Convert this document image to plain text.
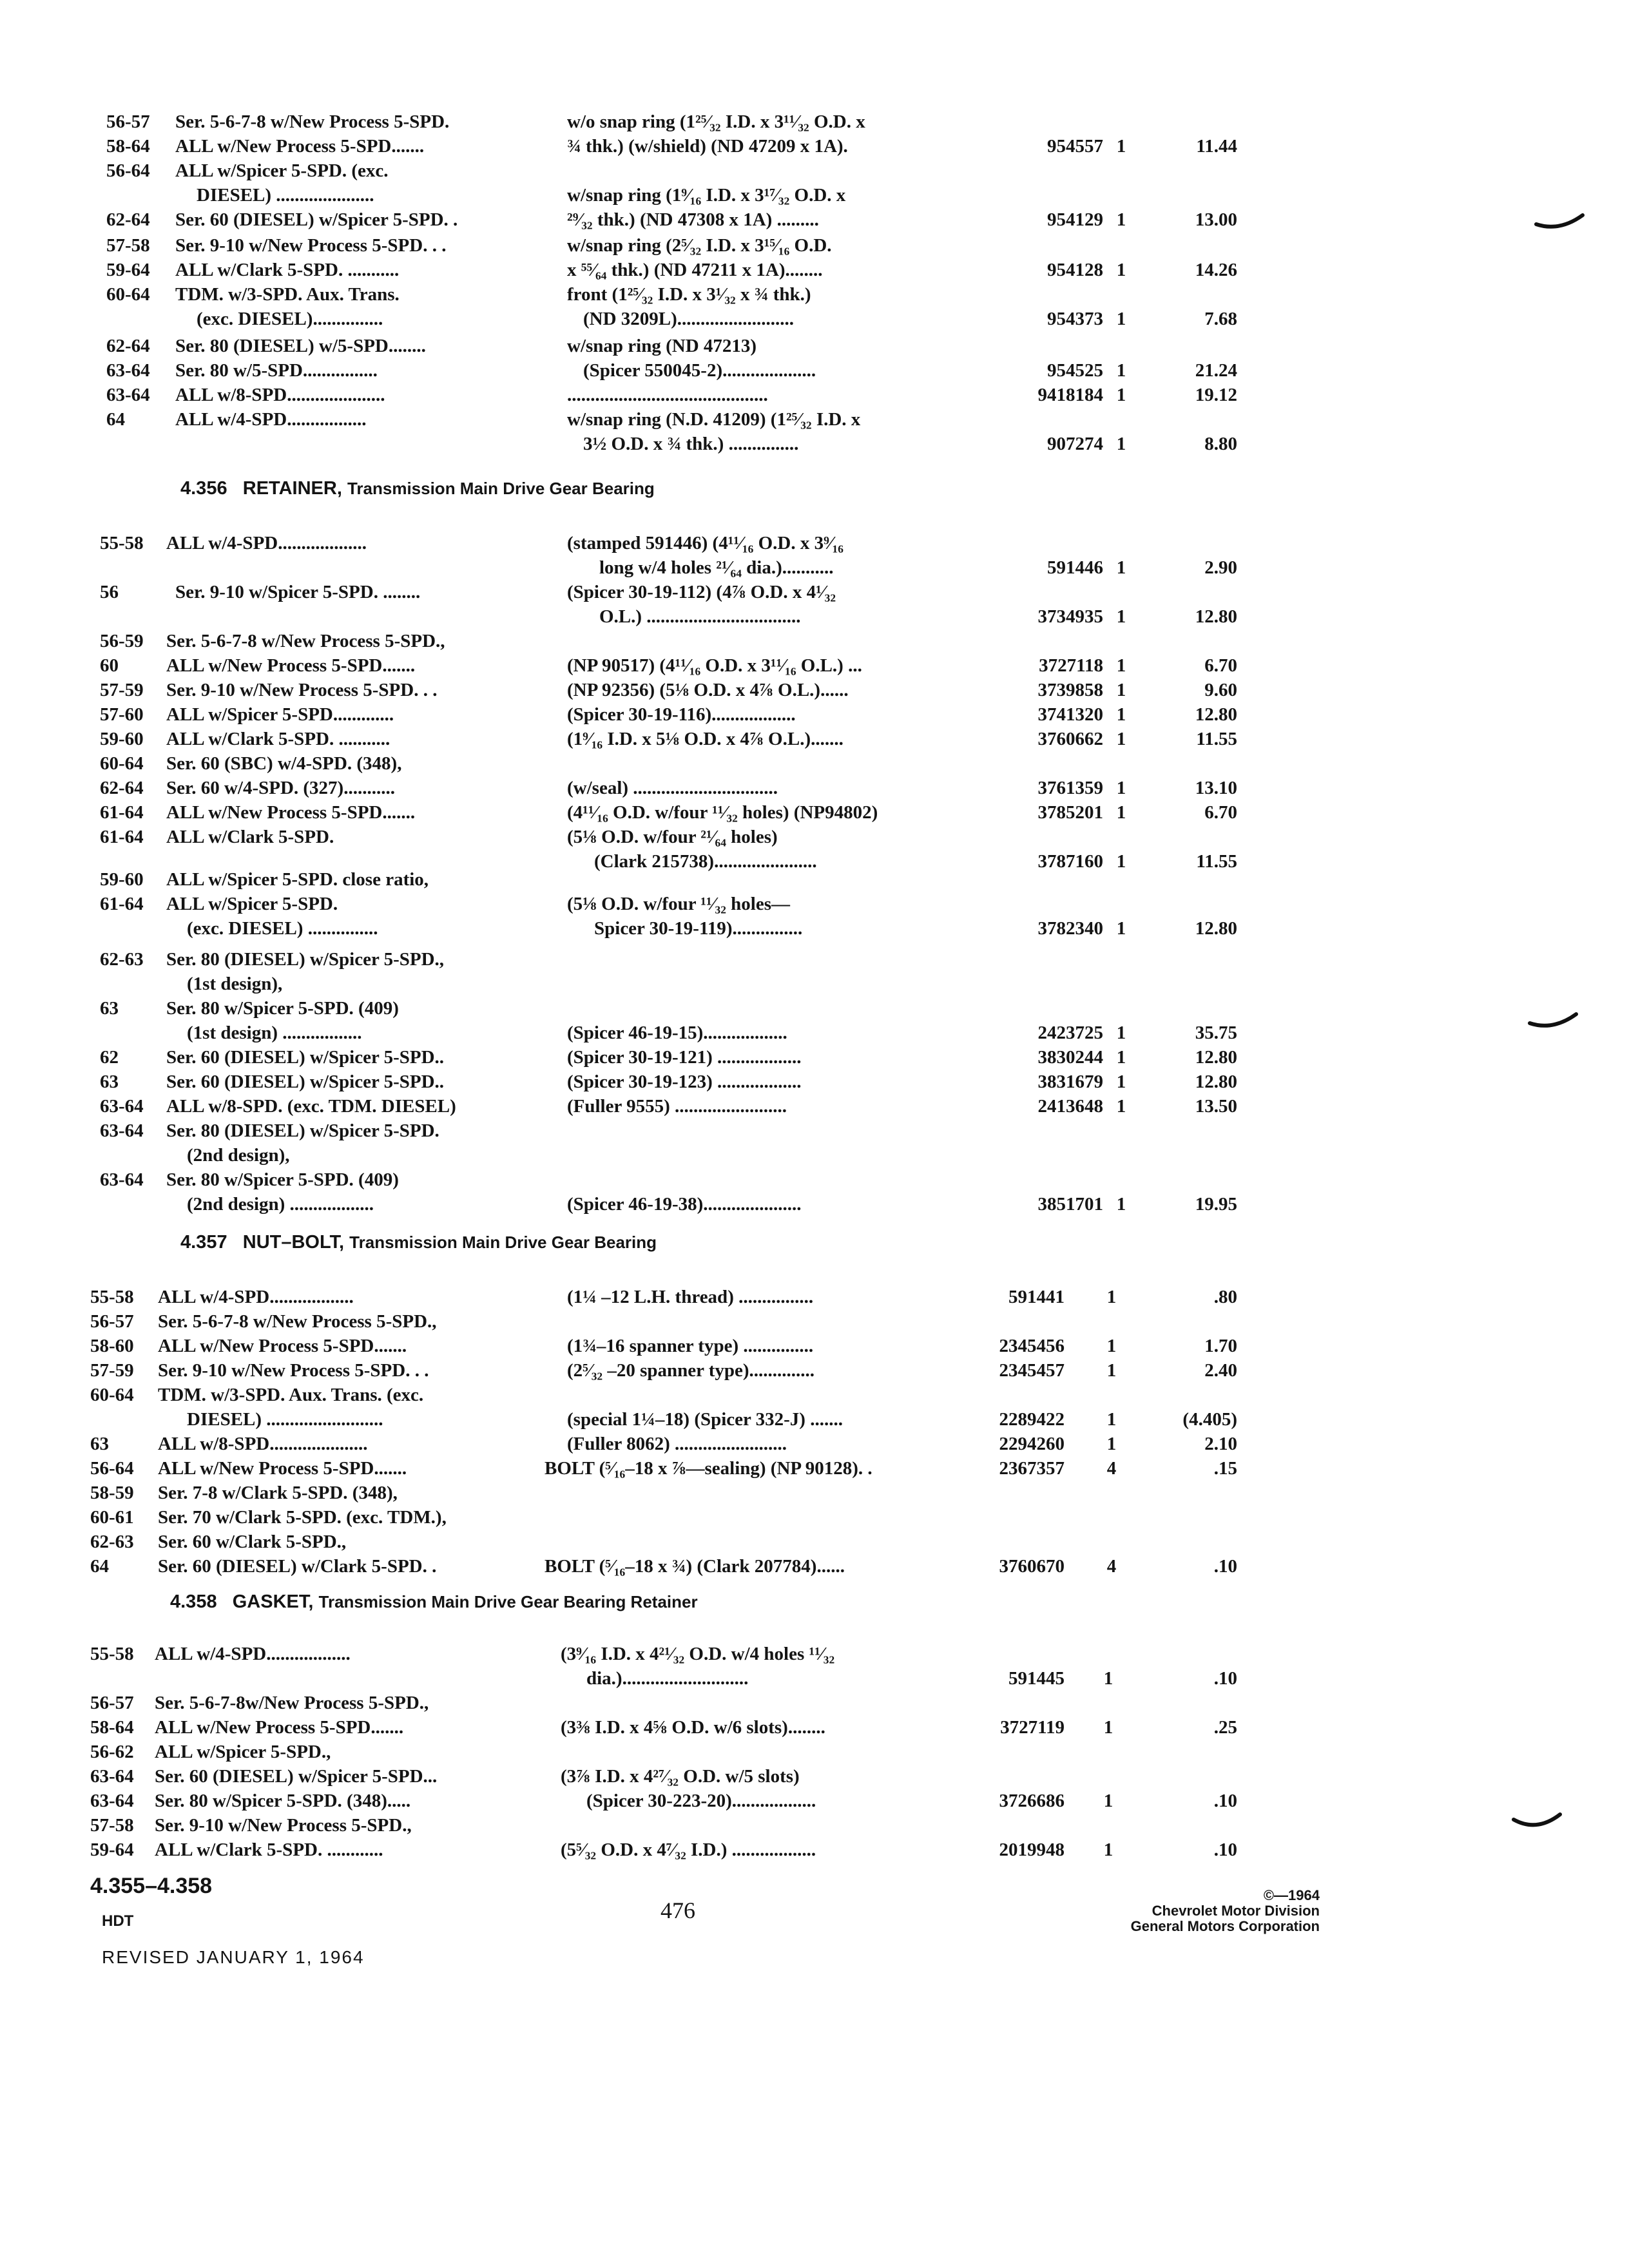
56-57 Ser. 5-6-7-8 w/New Process 5-SPD.	w/o snap ring (1²⁵⁄₃₂ I.D. x 3¹¹⁄₃₂ O.D. x
58-64 ALL w/New Process 5-SPD.......	¾ thk.) (w/shield) (ND 47209 x 1A).	954557 1	11.44
56-64 ALL w/Spicer 5-SPD. (exc.
DIESEL) .....................	w/snap ring (1⁹⁄₁₆ I.D. x 3¹⁷⁄₃₂ O.D. x
62-64 Ser. 60 (DIESEL) w/Spicer 5-SPD. .	²⁹⁄₃₂ thk.) (ND 47308 x 1A) .........	954129 1	13.00
57-58 Ser. 9-10 w/New Process 5-SPD. . .	w/snap ring (2⁵⁄₃₂ I.D. x 3¹⁵⁄₁₆ O.D.
59-64 ALL w/Clark 5-SPD. ...........	x ⁵⁵⁄₆₄ thk.) (ND 47211 x 1A)........	954128 1	14.26
60-64 TDM. w/3-SPD. Aux. Trans.	front (1²⁵⁄₃₂ I.D. x 3¹⁄₃₂ x ¾ thk.)
(exc. DIESEL)...............	(ND 3209L).........................	954373 1	7.68
62-64 Ser. 80 (DIESEL) w/5-SPD........	w/snap ring (ND 47213)
63-64 Ser. 80 w/5-SPD................	(Spicer 550045-2)....................	954525 1	21.24
63-64 ALL w/8-SPD.....................	...........................................	9418184 1	19.12
64	ALL w/4-SPD.................	w/snap ring (N.D. 41209) (1²⁵⁄₃₂ I.D. x
3½ O.D. x ¾ thk.) ...............	907274 1	8.80
4.356 RETAINER, Transmission Main Drive Gear Bearing
55-58 ALL w/4-SPD...................	(stamped 591446) (4¹¹⁄₁₆ O.D. x 3⁹⁄₁₆
long w/4 holes ²¹⁄₆₄ dia.)...........	591446 1	2.90
56	Ser. 9-10 w/Spicer 5-SPD. ........	(Spicer 30-19-112) (4⅞ O.D. x 4¹⁄₃₂
O.L.) .................................	3734935 1	12.80
56-59 Ser. 5-6-7-8 w/New Process 5-SPD.,
60	ALL w/New Process 5-SPD.......	(NP 90517) (4¹¹⁄₁₆ O.D. x 3¹¹⁄₁₆ O.L.) ...	3727118 1	6.70
57-59 Ser. 9-10 w/New Process 5-SPD. . .	(NP 92356) (5⅛ O.D. x 4⅞ O.L.)......	3739858 1	9.60
57-60 ALL w/Spicer 5-SPD.............	(Spicer 30-19-116)..................	3741320 1	12.80
59-60 ALL w/Clark 5-SPD. ...........	(1⁹⁄₁₆ I.D. x 5⅛ O.D. x 4⅞ O.L.).......	3760662 1	11.55
60-64 Ser. 60 (SBC) w/4-SPD. (348),
62-64 Ser. 60 w/4-SPD. (327)...........	(w/seal) ...............................	3761359 1	13.10
61-64 ALL w/New Process 5-SPD.......	(4¹¹⁄₁₆ O.D. w/four ¹¹⁄₃₂ holes) (NP94802)	3785201 1	6.70
61-64 ALL w/Clark 5-SPD.	(5⅛ O.D. w/four ²¹⁄₆₄ holes)
(Clark 215738)......................	3787160 1	11.55
59-60 ALL w/Spicer 5-SPD. close ratio,
61-64 ALL w/Spicer 5-SPD.	(5⅛ O.D. w/four ¹¹⁄₃₂ holes—
(exc. DIESEL) ...............	Spicer 30-19-119)...............	3782340 1	12.80
62-63 Ser. 80 (DIESEL) w/Spicer 5-SPD.,
(1st design),
63	Ser. 80 w/Spicer 5-SPD. (409)
(1st design) .................	(Spicer 46-19-15)..................	2423725 1	35.75
62	Ser. 60 (DIESEL) w/Spicer 5-SPD..	(Spicer 30-19-121) ..................	3830244 1	12.80
63	Ser. 60 (DIESEL) w/Spicer 5-SPD..	(Spicer 30-19-123) ..................	3831679 1	12.80
63-64 ALL w/8-SPD. (exc. TDM. DIESEL)	(Fuller 9555) ........................	2413648 1	13.50
63-64 Ser. 80 (DIESEL) w/Spicer 5-SPD.
(2nd design),
63-64 Ser. 80 w/Spicer 5-SPD. (409)
(2nd design) ..................	(Spicer 46-19-38).....................	3851701 1	19.95
4.357 NUT–BOLT, Transmission Main Drive Gear Bearing
55-58 ALL w/4-SPD..................	(1¼ –12 L.H. thread) ................	591441	1	.80
56-57 Ser. 5-6-7-8 w/New Process 5-SPD.,
58-60 ALL w/New Process 5-SPD.......	(1¾–16 spanner type) ...............	2345456	1	1.70
57-59 Ser. 9-10 w/New Process 5-SPD. . .	(2⁵⁄₃₂ –20 spanner type)..............	2345457	1	2.40
60-64 TDM. w/3-SPD. Aux. Trans. (exc.
DIESEL) .........................	(special 1¼–18) (Spicer 332-J) .......	2289422	1	(4.405)
63	ALL w/8-SPD.....................	(Fuller 8062) ........................	2294260	1	2.10
56-64 ALL w/New Process 5-SPD.......	BOLT (⁵⁄₁₆–18 x ⅞—sealing) (NP 90128). .	2367357	4	.15
58-59 Ser. 7-8 w/Clark 5-SPD. (348),
60-61 Ser. 70 w/Clark 5-SPD. (exc. TDM.),
62-63 Ser. 60 w/Clark 5-SPD.,
64	Ser. 60 (DIESEL) w/Clark 5-SPD. .	BOLT (⁵⁄₁₆–18 x ¾) (Clark 207784)......	3760670	4	.10
4.358 GASKET, Transmission Main Drive Gear Bearing Retainer
55-58 ALL w/4-SPD..................	(3⁹⁄₁₆ I.D. x 4²¹⁄₃₂ O.D. w/4 holes ¹¹⁄₃₂
dia.)...........................	591445	1	.10
56-57 Ser. 5-6-7-8w/New Process 5-SPD.,
58-64 ALL w/New Process 5-SPD.......	(3⅜ I.D. x 4⅝ O.D. w/6 slots)........	3727119	1	.25
56-62 ALL w/Spicer 5-SPD.,
63-64 Ser. 60 (DIESEL) w/Spicer 5-SPD...	(3⅞ I.D. x 4²⁷⁄₃₂ O.D. w/5 slots)
63-64 Ser. 80 w/Spicer 5-SPD. (348).....	(Spicer 30-223-20)..................	3726686	1	.10
57-58 Ser. 9-10 w/New Process 5-SPD.,
59-64 ALL w/Clark 5-SPD. ............	(5⁵⁄₃₂ O.D. x 4⁷⁄₃₂ I.D.) ..................	2019948	1	.10
4.355–4.358
HDT
REVISED JANUARY 1, 1964
476
©—1964
Chevrolet Motor Division
General Motors Corporation
